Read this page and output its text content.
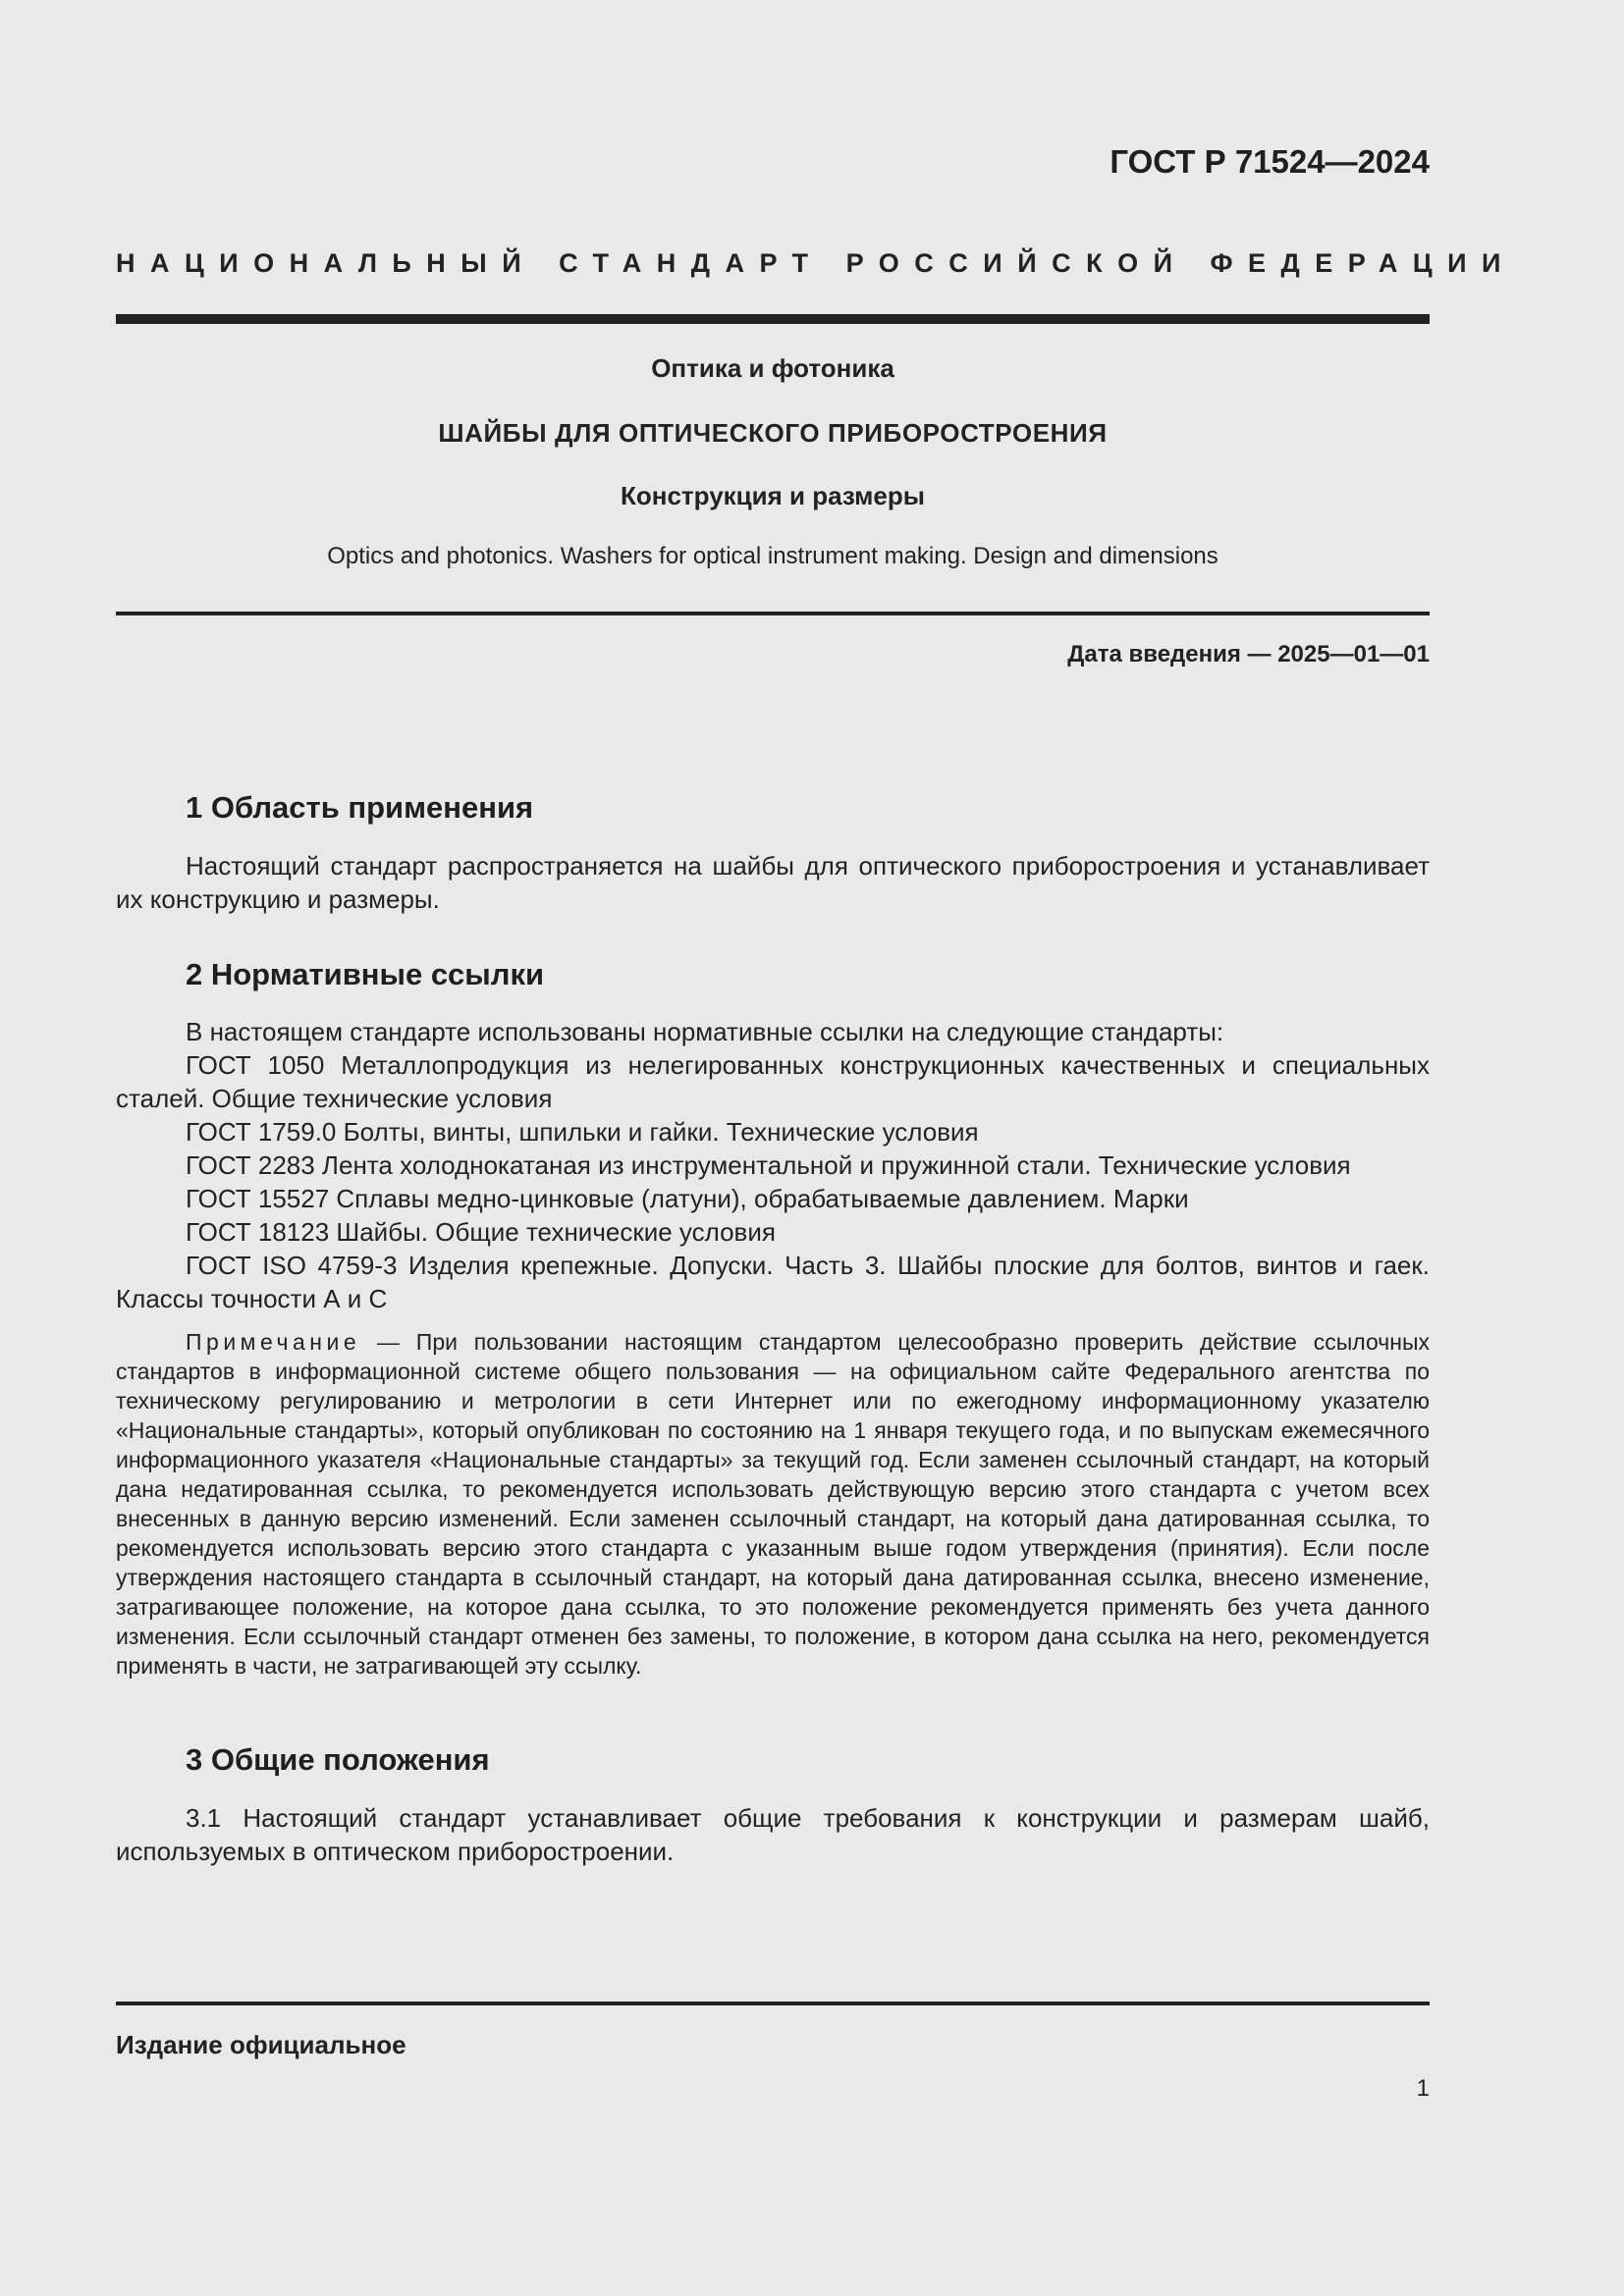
ГОСТ Р 71524—2024
НАЦИОНАЛЬНЫЙ СТАНДАРТ РОССИЙСКОЙ ФЕДЕРАЦИИ
Оптика и фотоника
ШАЙБЫ ДЛЯ ОПТИЧЕСКОГО ПРИБОРОСТРОЕНИЯ
Конструкция и размеры
Optics and photonics. Washers for optical instrument making. Design and dimensions
Дата введения — 2025—01—01
1 Область применения
Настоящий стандарт распространяется на шайбы для оптического приборостроения и устанавливает их конструкцию и размеры.
2 Нормативные ссылки
В настоящем стандарте использованы нормативные ссылки на следующие стандарты:
ГОСТ 1050 Металлопродукция из нелегированных конструкционных качественных и специальных сталей. Общие технические условия
ГОСТ 1759.0 Болты, винты, шпильки и гайки. Технические условия
ГОСТ 2283 Лента холоднокатаная из инструментальной и пружинной стали. Технические условия
ГОСТ 15527 Сплавы медно-цинковые (латуни), обрабатываемые давлением. Марки
ГОСТ 18123 Шайбы. Общие технические условия
ГОСТ ISO 4759-3 Изделия крепежные. Допуски. Часть 3. Шайбы плоские для болтов, винтов и гаек. Классы точности А и С
Примечание — При пользовании настоящим стандартом целесообразно проверить действие ссылочных стандартов в информационной системе общего пользования — на официальном сайте Федерального агентства по техническому регулированию и метрологии в сети Интернет или по ежегодному информационному указателю «Национальные стандарты», который опубликован по состоянию на 1 января текущего года, и по выпускам ежемесячного информационного указателя «Национальные стандарты» за текущий год. Если заменен ссылочный стандарт, на который дана недатированная ссылка, то рекомендуется использовать действующую версию этого стандарта с учетом всех внесенных в данную версию изменений. Если заменен ссылочный стандарт, на который дана датированная ссылка, то рекомендуется использовать версию этого стандарта с указанным выше годом утверждения (принятия). Если после утверждения настоящего стандарта в ссылочный стандарт, на который дана датированная ссылка, внесено изменение, затрагивающее положение, на которое дана ссылка, то это положение рекомендуется применять без учета данного изменения. Если ссылочный стандарт отменен без замены, то положение, в котором дана ссылка на него, рекомендуется применять в части, не затрагивающей эту ссылку.
3 Общие положения
3.1 Настоящий стандарт устанавливает общие требования к конструкции и размерам шайб, используемых в оптическом приборостроении.
Издание официальное
1
